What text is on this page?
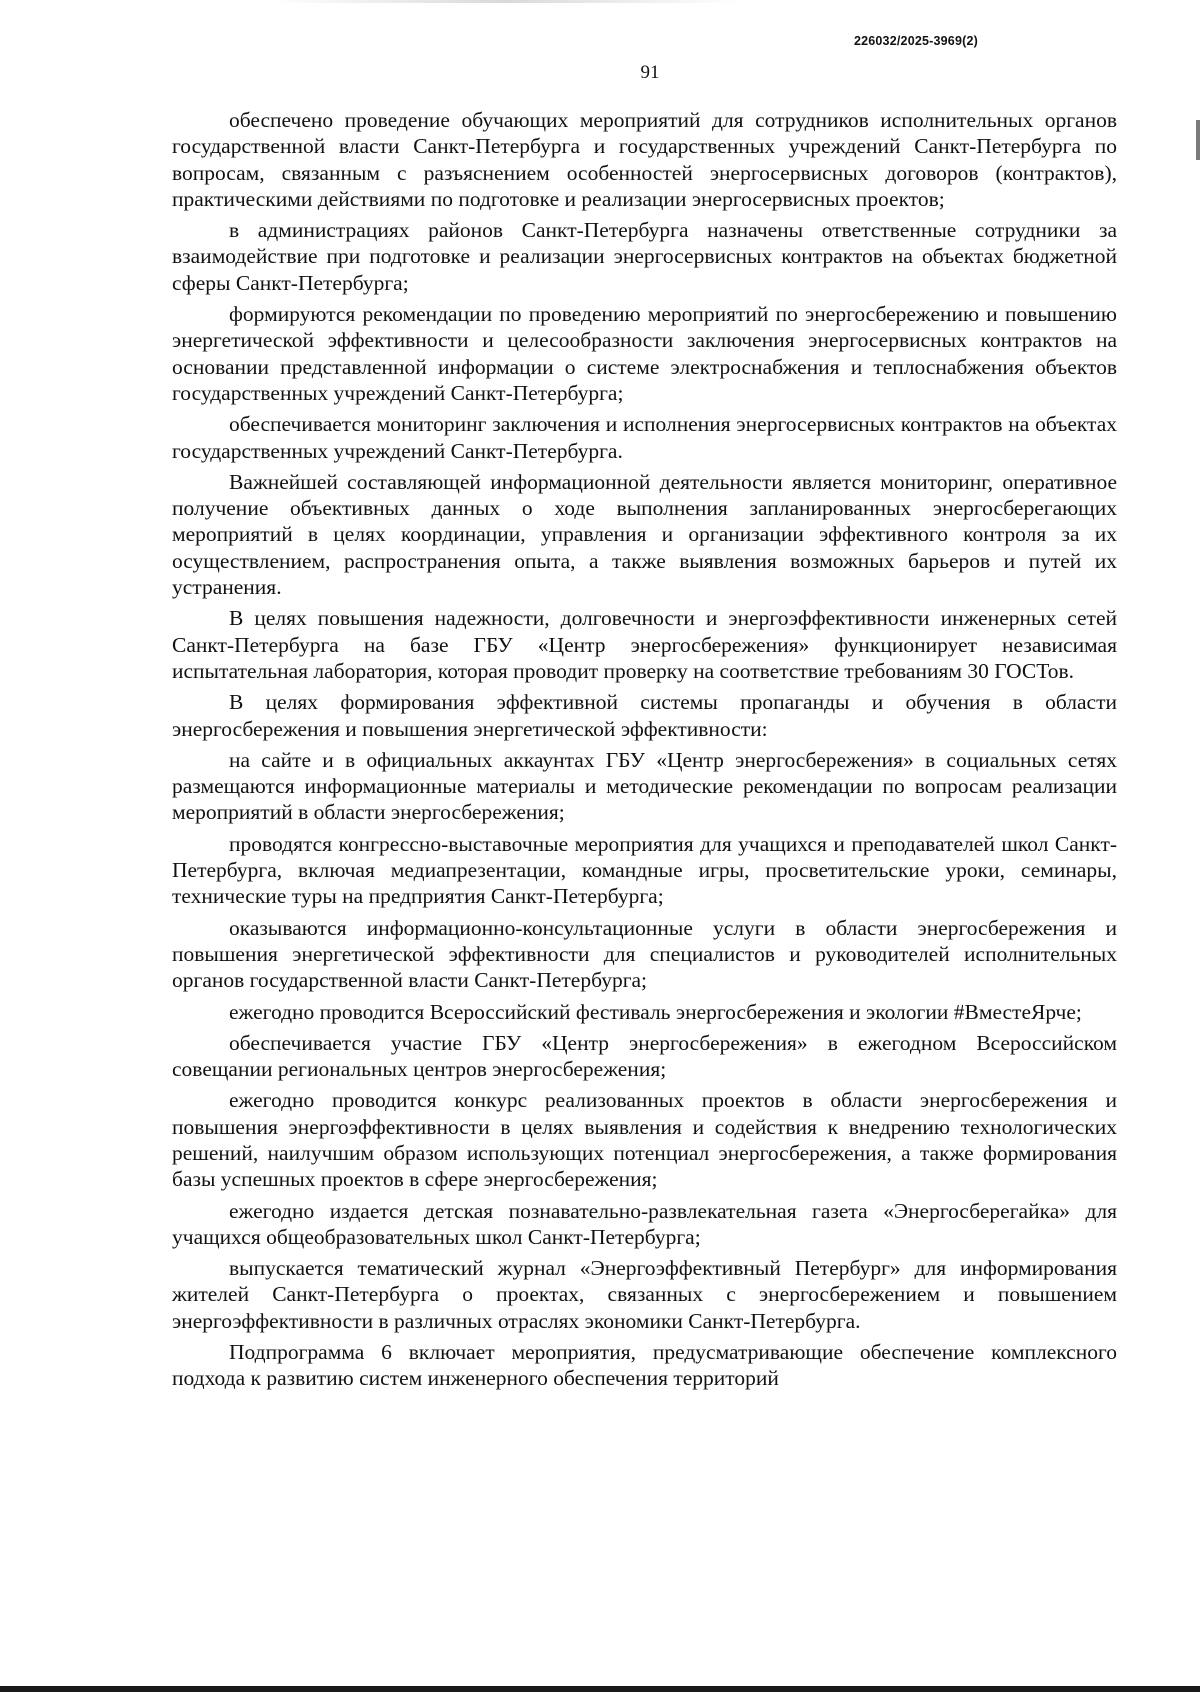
226032/2025-3969(2)
91

обеспечено проведение обучающих мероприятий для сотрудников исполнительных органов государственной власти Санкт-Петербурга и государственных учреждений Санкт-Петербурга по вопросам, связанным с разъяснением особенностей энергосервисных договоров (контрактов), практическими действиями по подготовке и реализации энергосервисных проектов;

в администрациях районов Санкт-Петербурга назначены ответственные сотрудники за взаимодействие при подготовке и реализации энергосервисных контрактов на объектах бюджетной сферы Санкт-Петербурга;

формируются рекомендации по проведению мероприятий по энергосбережению и повышению энергетической эффективности и целесообразности заключения энергосервисных контрактов на основании представленной информации о системе электроснабжения и теплоснабжения объектов государственных учреждений Санкт-Петербурга;

обеспечивается мониторинг заключения и исполнения энергосервисных контрактов на объектах государственных учреждений Санкт-Петербурга.

Важнейшей составляющей информационной деятельности является мониторинг, оперативное получение объективных данных о ходе выполнения запланированных энергосберегающих мероприятий в целях координации, управления и организации эффективного контроля за их осуществлением, распространения опыта, а также выявления возможных барьеров и путей их устранения.

В целях повышения надежности, долговечности и энергоэффективности инженерных сетей Санкт-Петербурга на базе ГБУ «Центр энергосбережения» функционирует независимая испытательная лаборатория, которая проводит проверку на соответствие требованиям 30 ГОСТов.

В целях формирования эффективной системы пропаганды и обучения в области энергосбережения и повышения энергетической эффективности:

на сайте и в официальных аккаунтах ГБУ «Центр энергосбережения» в социальных сетях размещаются информационные материалы и методические рекомендации по вопросам реализации мероприятий в области энергосбережения;

проводятся конгрессно-выставочные мероприятия для учащихся и преподавателей школ Санкт-Петербурга, включая медиапрезентации, командные игры, просветительские уроки, семинары, технические туры на предприятия Санкт-Петербурга;

оказываются информационно-консультационные услуги в области энергосбережения и повышения энергетической эффективности для специалистов и руководителей исполнительных органов государственной власти Санкт-Петербурга;

ежегодно проводится Всероссийский фестиваль энергосбережения и экологии #ВместеЯрче;

обеспечивается участие ГБУ «Центр энергосбережения» в ежегодном Всероссийском совещании региональных центров энергосбережения;

ежегодно проводится конкурс реализованных проектов в области энергосбережения и повышения энергоэффективности в целях выявления и содействия к внедрению технологических решений, наилучшим образом использующих потенциал энергосбережения, а также формирования базы успешных проектов в сфере энергосбережения;

ежегодно издается детская познавательно-развлекательная газета «Энергосберегайка» для учащихся общеобразовательных школ Санкт-Петербурга;

выпускается тематический журнал «Энергоэффективный Петербург» для информирования жителей Санкт-Петербурга о проектах, связанных с энергосбережением и повышением энергоэффективности в различных отраслях экономики Санкт-Петербурга.

Подпрограмма 6 включает мероприятия, предусматривающие обеспечение комплексного подхода к развитию систем инженерного обеспечения территорий
